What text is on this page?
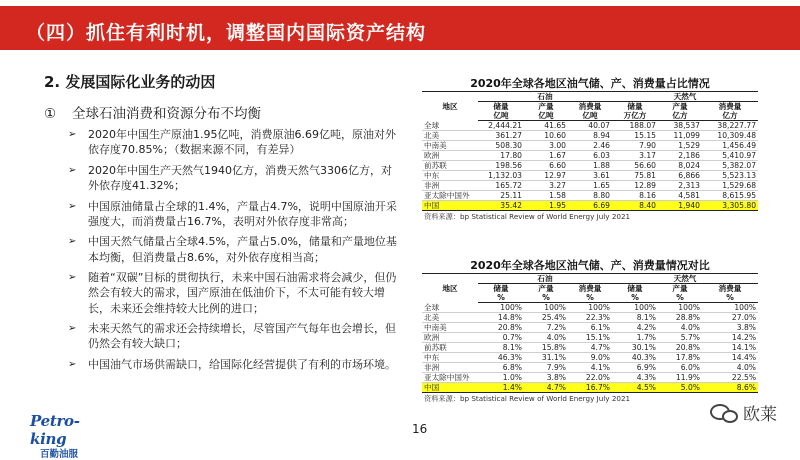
（四）抓住有利时机，调整国内国际资产结构
2. 发展国际化业务的动因
① 全球石油消费和资源分布不均衡
➢ 2020年中国生产原油1.95亿吨，消费原油6.69亿吨，原油对外依存度70.85%；（数据来源不同，有差异）
➢ 2020年中国生产天然气1940亿方，消费天然气3306亿方，对外依存度41.32%；
➢ 中国原油储量占全球的1.4%，产量占4.7%，说明中国原油开采强度大，而消费量占16.7%，表明对外依存度非常高；
➢ 中国天然气储量占全球4.5%，产量占5.0%，储量和产量地位基本均衡，但消费量占8.6%，对外依存度相当高；
➢ 随着“双碳”目标的贯彻执行，未来中国石油需求将会减少，但仍然会有较大的需求，国产原油在低油价下，不太可能有较大增长，未来还会维持较大比例的进口；
➢ 未来天然气的需求还会持续增长，尽管国产气每年也会增长，但仍然会有较大缺口；
➢ 中国油气市场供需缺口，给国际化经营提供了有利的市场环境。
2020年全球各地区油气储、产、消费量占比情况
地区	石油			天然气		
	储量	产量	消费量	储量	产量	消费量
	亿吨	亿吨	亿吨	万亿方	亿方	亿方
全球	2,444.21	41.65	40.07	188.07	38,537	38,227.77
北美	361.27	10.60	8.94	15.15	11,099	10,309.48
中南美	508.30	3.00	2.46	7.90	1,529	1,456.49
欧洲	17.80	1.67	6.03	3.17	2,186	5,410.97
前苏联	198.56	6.60	1.88	56.60	8,024	5,382.07
中东	1,132.03	12.97	3.61	75.81	6,866	5,523.13
非洲	165.72	3.27	1.65	12.89	2,313	1,529.68
亚太除中国外	25.11	1.58	8.80	8.16	4,581	8,615.95
中国	35.42	1.95	6.69	8.40	1,940	3,305.80
资料来源：bp Statistical Review of World Energy July 2021
2020年全球各地区油气储、产、消费量情况对比
地区	石油			天然气		
	储量	产量	消费量	储量	产量	消费量
	%	%	%	%	%	%
全球	100%	100%	100%	100%	100%	100%
北美	14.8%	25.4%	22.3%	8.1%	28.8%	27.0%
中南美	20.8%	7.2%	6.1%	4.2%	4.0%	3.8%
欧洲	0.7%	4.0%	15.1%	1.7%	5.7%	14.2%
前苏联	8.1%	15.8%	4.7%	30.1%	20.8%	14.1%
中东	46.3%	31.1%	9.0%	40.3%	17.8%	14.4%
非洲	6.8%	7.9%	4.1%	6.9%	6.0%	4.0%
亚太除中国外	1.0%	3.8%	22.0%	4.3%	11.9%	22.5%
中国	1.4%	4.7%	16.7%	4.5%	5.0%	8.6%
资料来源：bp Statistical Review of World Energy July 2021
Petro-king
百勤油服
16
欧莱
